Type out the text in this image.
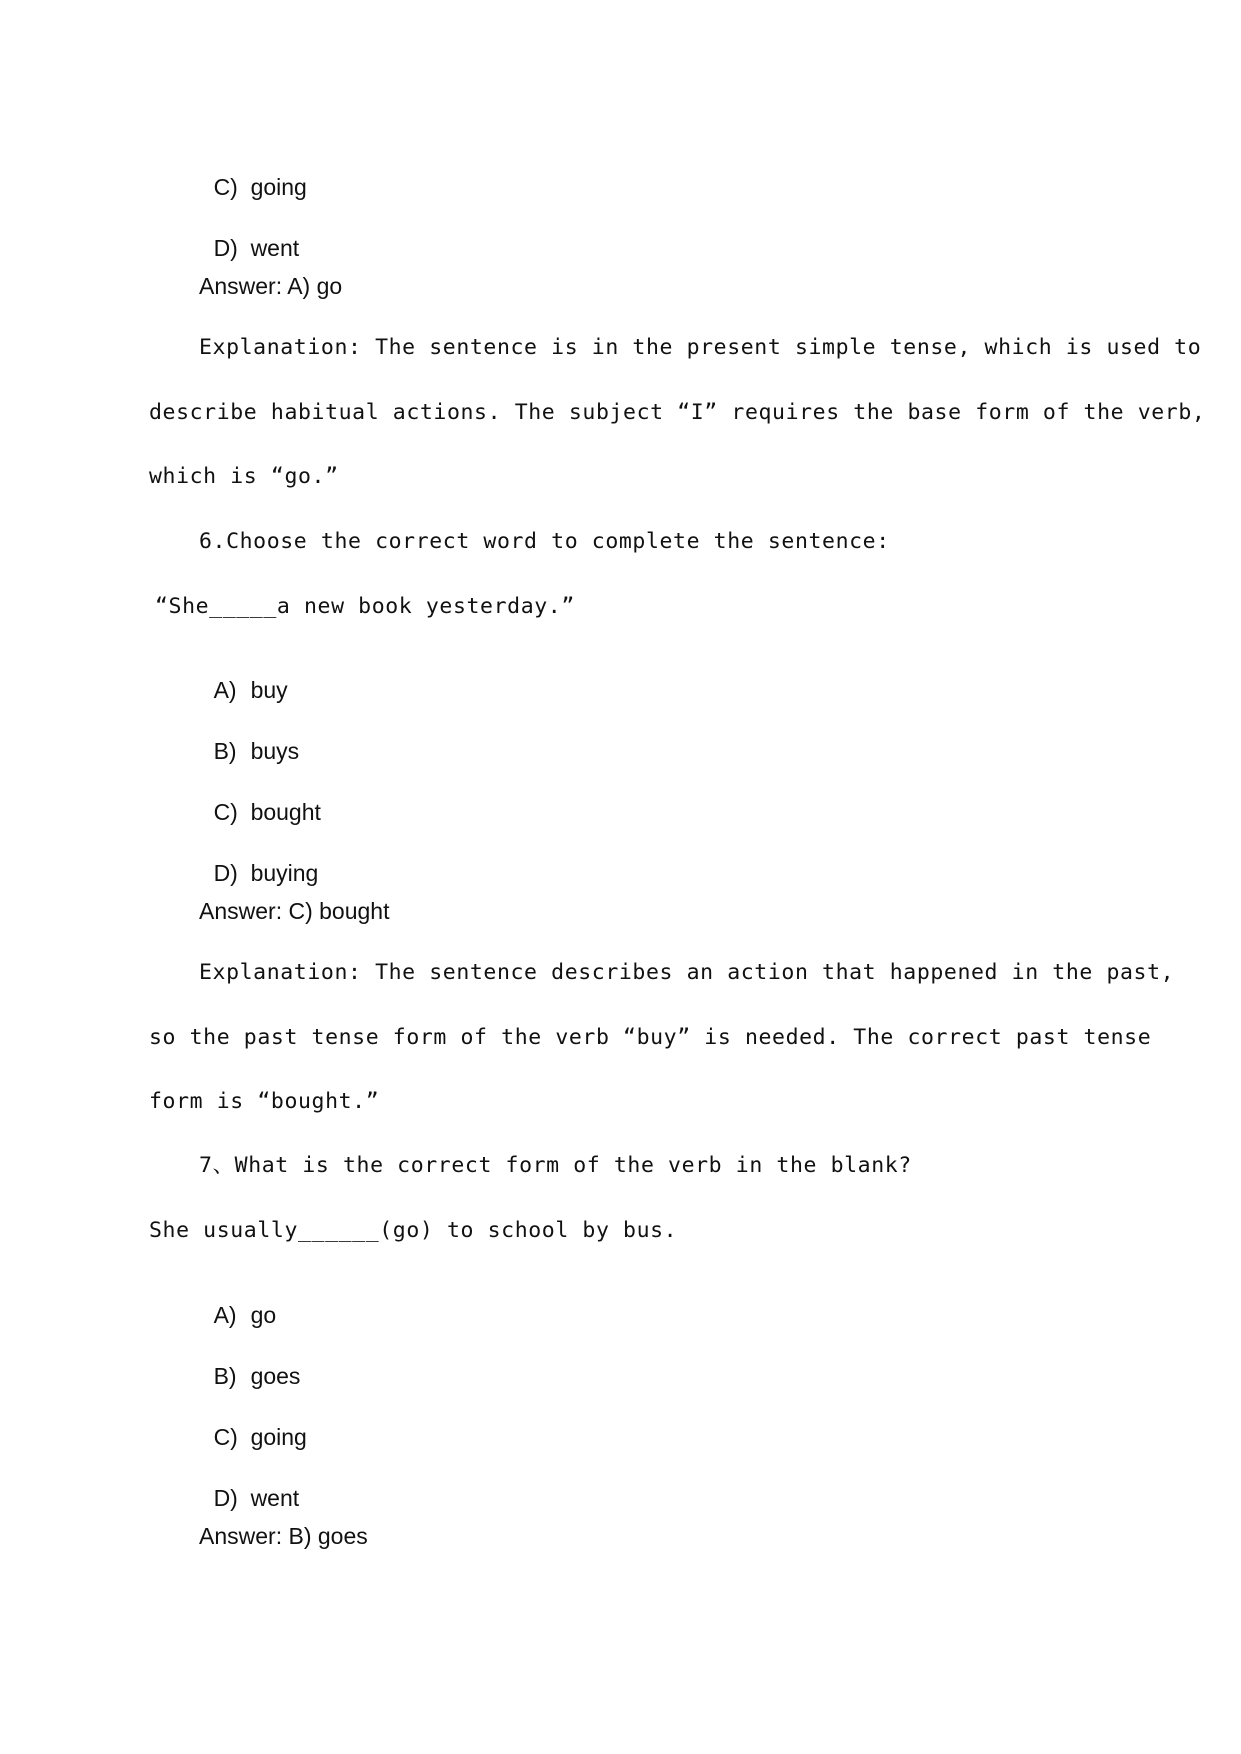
C) going

D) went

Answer: A) go
Explanation: The sentence is in the present simple tense, which is used to
describe habitual actions. The subject “I” requires the base form of the verb,
which is “go.”
6.Choose the correct word to complete the sentence:
“She_____a new book yesterday.”

A) buy

B) buys

C) bought

D) buying

Answer: C) bought
Explanation: The sentence describes an action that happened in the past,
so the past tense form of the verb “buy” is needed. The correct past tense
form is “bought.”
7、What is the correct form of the verb in the blank?
She usually______(go) to school by bus.

A) go

B) goes

C) going

D) went

Answer: B) goes
